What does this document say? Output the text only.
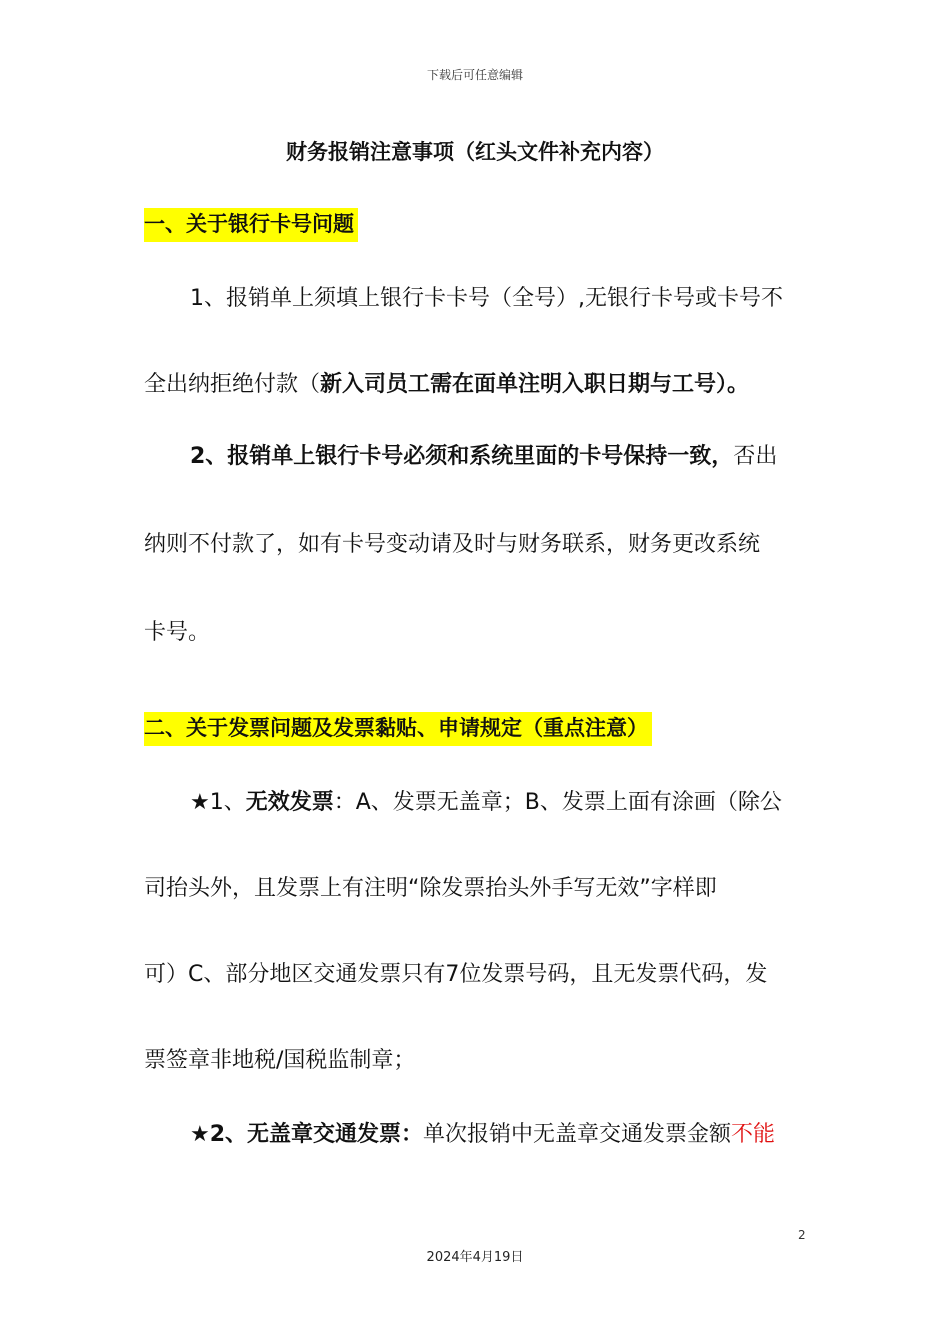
下载后可任意编辑
财务报销注意事项（红头文件补充内容）
一、关于银行卡号问题
1、报销单上须填上银行卡卡号（全号）,无银行卡号或卡号不
全出纳拒绝付款（新入司员工需在面单注明入职日期与工号）。
2、报销单上银行卡号必须和系统里面的卡号保持一致，否出
纳则不付款了，如有卡号变动请及时与财务联系，财务更改系统
卡号。
二、关于发票问题及发票黏贴、申请规定（重点注意）
★1、无效发票：A、发票无盖章；B、发票上面有涂画（除公
司抬头外，且发票上有注明“除发票抬头外手写无效”字样即
可）C、部分地区交通发票只有7位发票号码，且无发票代码，发
票签章非地税/国税监制章；
★2、无盖章交通发票：单次报销中无盖章交通发票金额不能
2
2024年4月19日
